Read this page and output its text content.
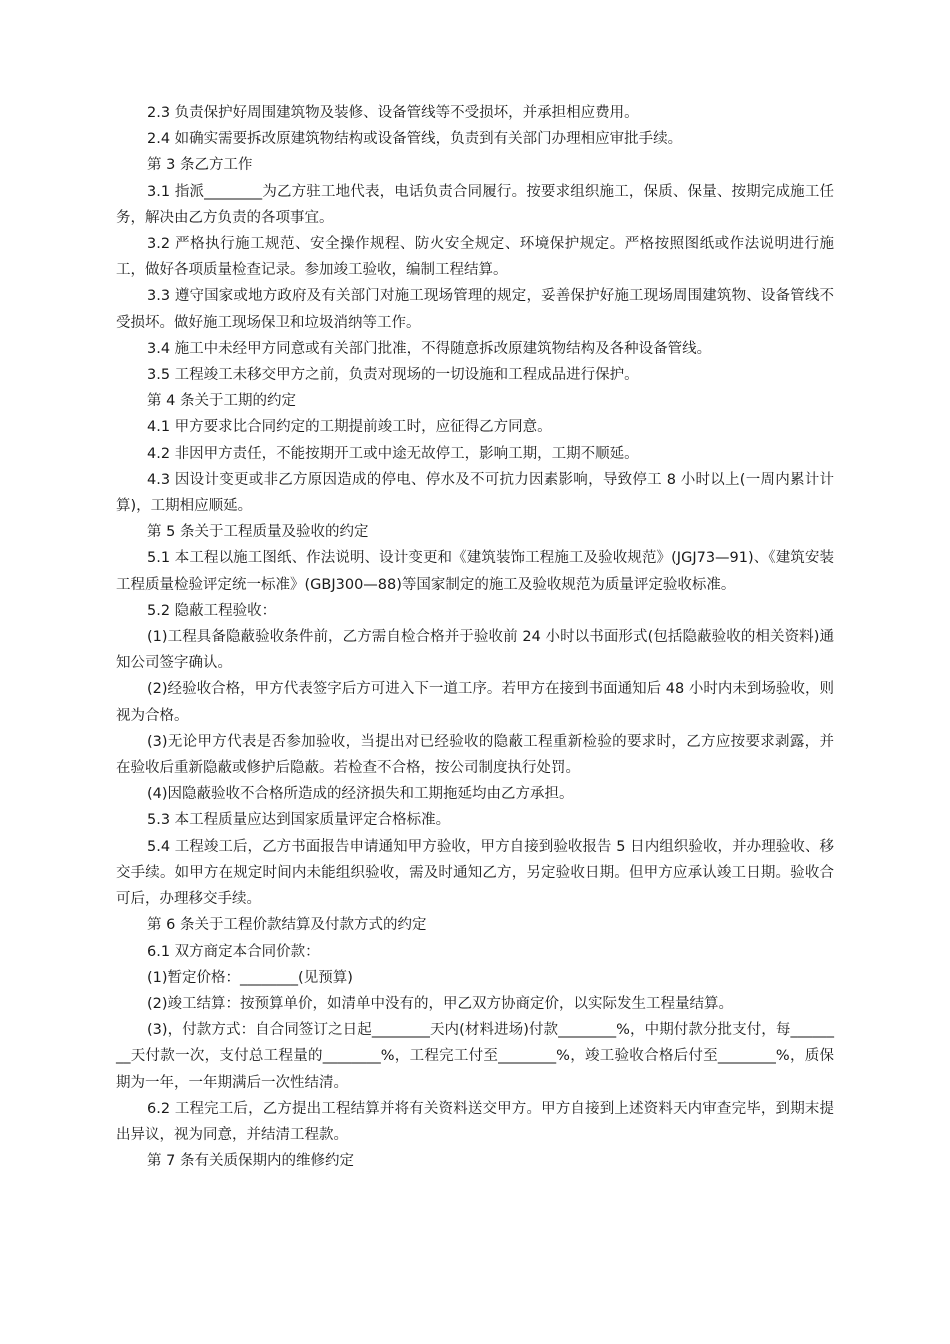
2.3 负责保护好周围建筑物及装修、设备管线等不受损坏，并承担相应费用。

2.4 如确实需要拆改原建筑物结构或设备管线，负责到有关部门办理相应审批手续。

第 3 条乙方工作

3.1 指派________为乙方驻工地代表，电话负责合同履行。按要求组织施工，保质、保量、按期完成施工任务，解决由乙方负责的各项事宜。

3.2 严格执行施工规范、安全操作规程、防火安全规定、环境保护规定。严格按照图纸或作法说明进行施工，做好各项质量检查记录。参加竣工验收，编制工程结算。

3.3 遵守国家或地方政府及有关部门对施工现场管理的规定，妥善保护好施工现场周围建筑物、设备管线不受损坏。做好施工现场保卫和垃圾消纳等工作。

3.4 施工中未经甲方同意或有关部门批准，不得随意拆改原建筑物结构及各种设备管线。

3.5 工程竣工未移交甲方之前，负责对现场的一切设施和工程成品进行保护。

第 4 条关于工期的约定

4.1 甲方要求比合同约定的工期提前竣工时，应征得乙方同意。

4.2 非因甲方责任，不能按期开工或中途无故停工，影响工期，工期不顺延。

4.3 因设计变更或非乙方原因造成的停电、停水及不可抗力因素影响，导致停工 8 小时以上(一周内累计计算)，工期相应顺延。

第 5 条关于工程质量及验收的约定

5.1 本工程以施工图纸、作法说明、设计变更和《建筑装饰工程施工及验收规范》(JGJ73—91)、《建筑安装工程质量检验评定统一标准》(GBJ300—88)等国家制定的施工及验收规范为质量评定验收标准。

5.2 隐蔽工程验收：

(1)工程具备隐蔽验收条件前，乙方需自检合格并于验收前 24 小时以书面形式(包括隐蔽验收的相关资料)通知公司签字确认。

(2)经验收合格，甲方代表签字后方可进入下一道工序。若甲方在接到书面通知后 48 小时内未到场验收，则视为合格。

(3)无论甲方代表是否参加验收，当提出对已经验收的隐蔽工程重新检验的要求时，乙方应按要求剥露，并在验收后重新隐蔽或修护后隐蔽。若检查不合格，按公司制度执行处罚。

(4)因隐蔽验收不合格所造成的经济损失和工期拖延均由乙方承担。

5.3 本工程质量应达到国家质量评定合格标准。

5.4 工程竣工后，乙方书面报告申请通知甲方验收，甲方自接到验收报告 5 日内组织验收，并办理验收、移交手续。如甲方在规定时间内未能组织验收，需及时通知乙方，另定验收日期。但甲方应承认竣工日期。验收合可后，办理移交手续。

第 6 条关于工程价款结算及付款方式的约定

6.1 双方商定本合同价款：

(1)暂定价格：________(见预算)

(2)竣工结算：按预算单价，如清单中没有的，甲乙双方协商定价，以实际发生工程量结算。

(3)，付款方式：自合同签订之日起________天内(材料进场)付款________%，中期付款分批支付，每________天付款一次，支付总工程量的________%，工程完工付至________%，竣工验收合格后付至________%，质保期为一年，一年期满后一次性结清。

6.2 工程完工后，乙方提出工程结算并将有关资料送交甲方。甲方自接到上述资料天内审查完毕，到期末提出异议，视为同意，并结清工程款。

第 7 条有关质保期内的维修约定
